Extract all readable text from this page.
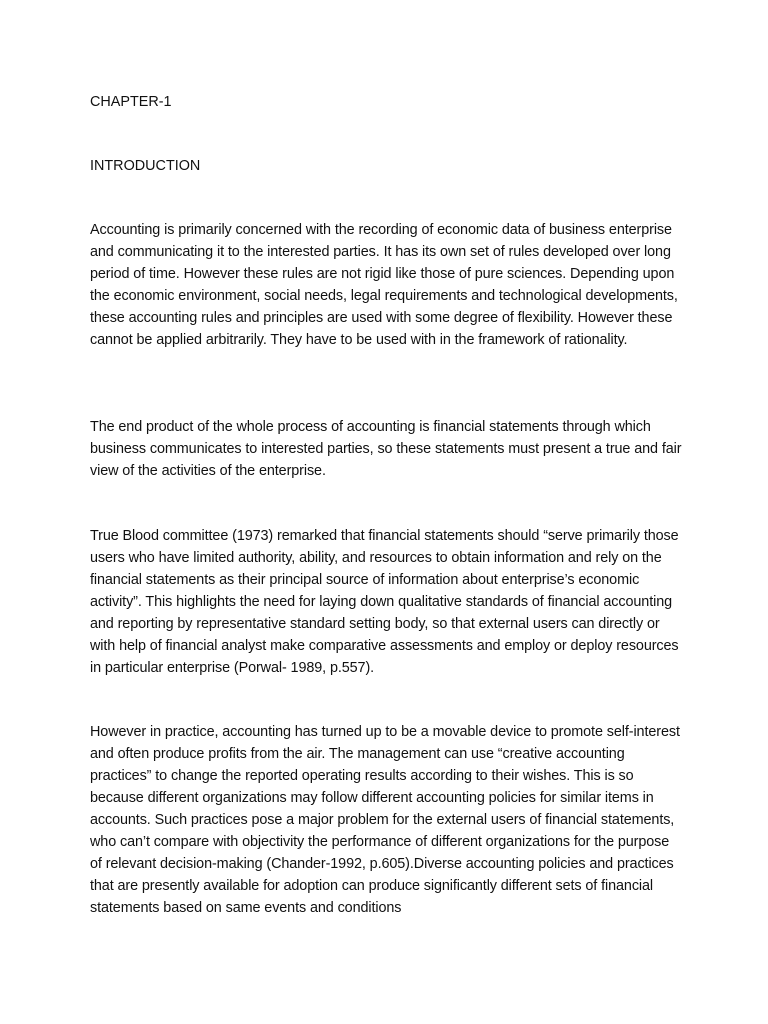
CHAPTER-1

INTRODUCTION

Accounting is primarily concerned with the recording of economic data of business enterprise and communicating it to the interested parties. It has its own set of rules developed over long period of time. However these rules are not rigid like those of pure sciences. Depending upon the economic environment, social needs, legal requirements and technological developments, these accounting rules and principles are used with some degree of flexibility. However these cannot be applied arbitrarily. They have to be used with in the framework of rationality.

The end product of the whole process of accounting is financial statements through which business communicates to interested parties, so these statements must present a true and fair view of the activities of the enterprise.

True Blood committee (1973) remarked that financial statements should “serve primarily those users who have limited authority, ability, and resources to obtain information and rely on the financial statements as their principal source of information about enterprise’s economic activity”. This highlights the need for laying down qualitative standards of financial accounting and reporting by representative standard setting body, so that external users can directly or with help of financial analyst make comparative assessments and employ or deploy resources in particular enterprise (Porwal- 1989, p.557).

However in practice, accounting has turned up to be a movable device to promote self-interest and often produce profits from the air. The management can use “creative accounting practices” to change the reported operating results according to their wishes. This is so because different organizations may follow different accounting policies for similar items in accounts. Such practices pose a major problem for the external users of financial statements, who can’t compare with objectivity the performance of different organizations for the purpose of relevant decision-making (Chander-1992, p.605).Diverse accounting policies and practices that are presently available for adoption can produce significantly different sets of financial statements based on same events and conditions
